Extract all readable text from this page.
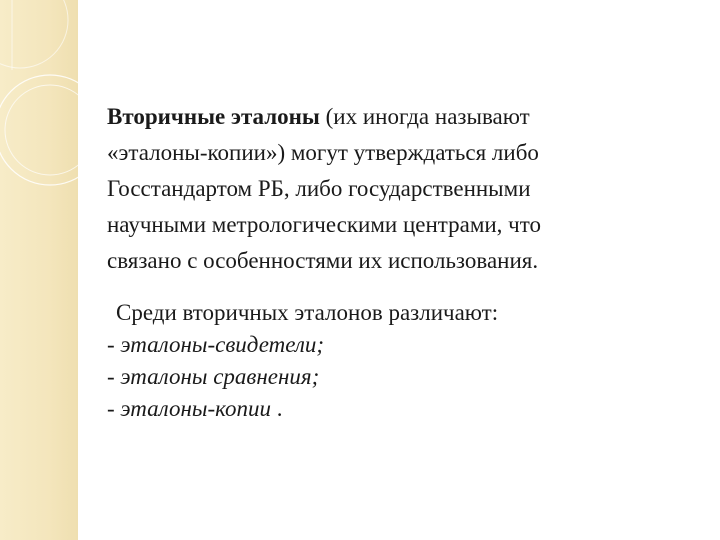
Вторичные эталоны (их иногда называют
«эталоны-копии») могут утверждаться либо
Госстандартом РБ, либо государственными
научными метрологическими центрами, что
связано с особенностями их использования.

Среди вторичных эталонов различают:
- эталоны-свидетели;
- эталоны сравнения;
- эталоны-копии .
